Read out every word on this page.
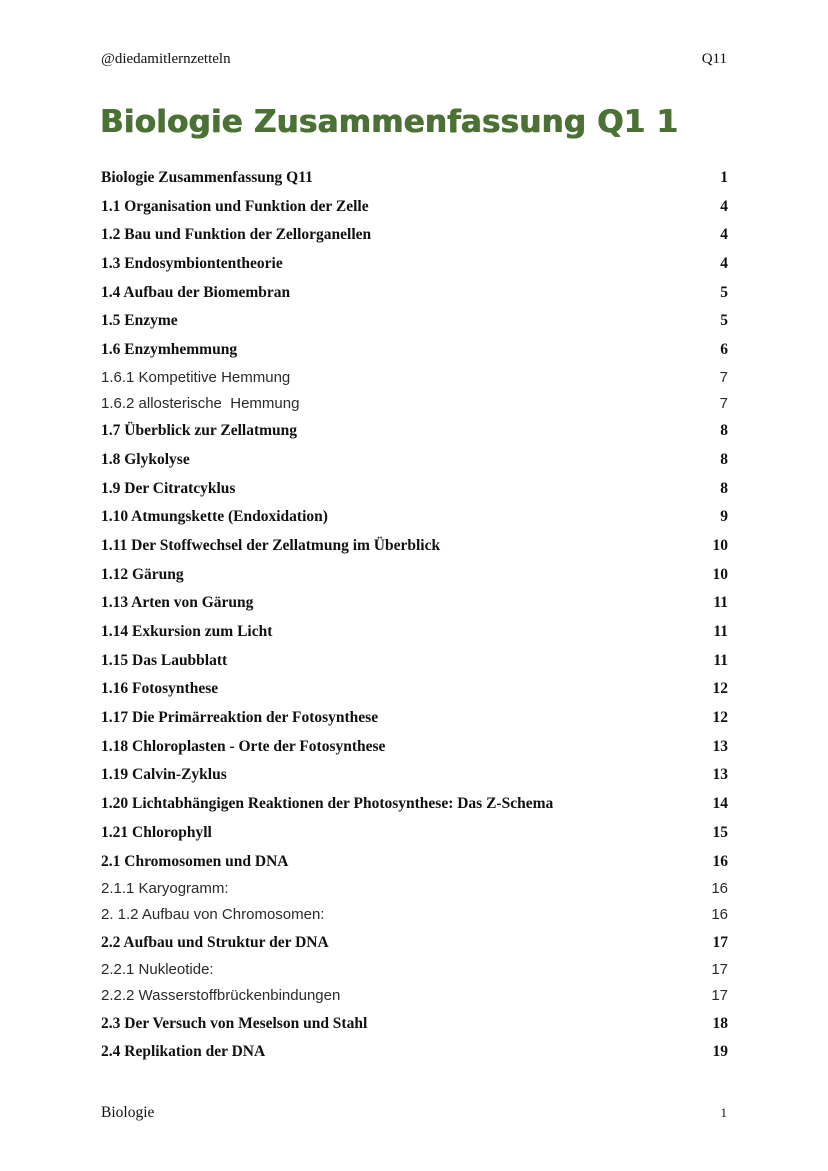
@diedamitlernzetteln	Q11
Biologie Zusammenfassung Q1 1
Biologie Zusammenfassung Q11	1
1.1 Organisation und Funktion der Zelle	4
1.2 Bau und Funktion der Zellorganellen	4
1.3 Endosymbiontentheorie	4
1.4 Aufbau der Biomembran	5
1.5 Enzyme	5
1.6 Enzymhemmung	6
1.6.1 Kompetitive Hemmung	7
1.6.2 allosterische  Hemmung	7
1.7 Überblick zur Zellatmung	8
1.8 Glykolyse	8
1.9 Der Citratcyklus	8
1.10 Atmungskette (Endoxidation)	9
1.11 Der Stoffwechsel der Zellatmung im Überblick	10
1.12 Gärung	10
1.13 Arten von Gärung	11
1.14 Exkursion zum Licht	11
1.15 Das Laubblatt	11
1.16 Fotosynthese	12
1.17 Die Primärreaktion der Fotosynthese	12
1.18 Chloroplasten - Orte der Fotosynthese	13
1.19 Calvin-Zyklus	13
1.20 Lichtabhängigen Reaktionen der Photosynthese: Das Z-Schema	14
1.21 Chlorophyll	15
2.1 Chromosomen und DNA	16
2.1.1 Karyogramm:	16
2. 1.2 Aufbau von Chromosomen:	16
2.2 Aufbau und Struktur der DNA	17
2.2.1 Nukleotide:	17
2.2.2 Wasserstoffbrückenbindungen	17
2.3 Der Versuch von Meselson und Stahl	18
2.4 Replikation der DNA	19
Biologie	1
